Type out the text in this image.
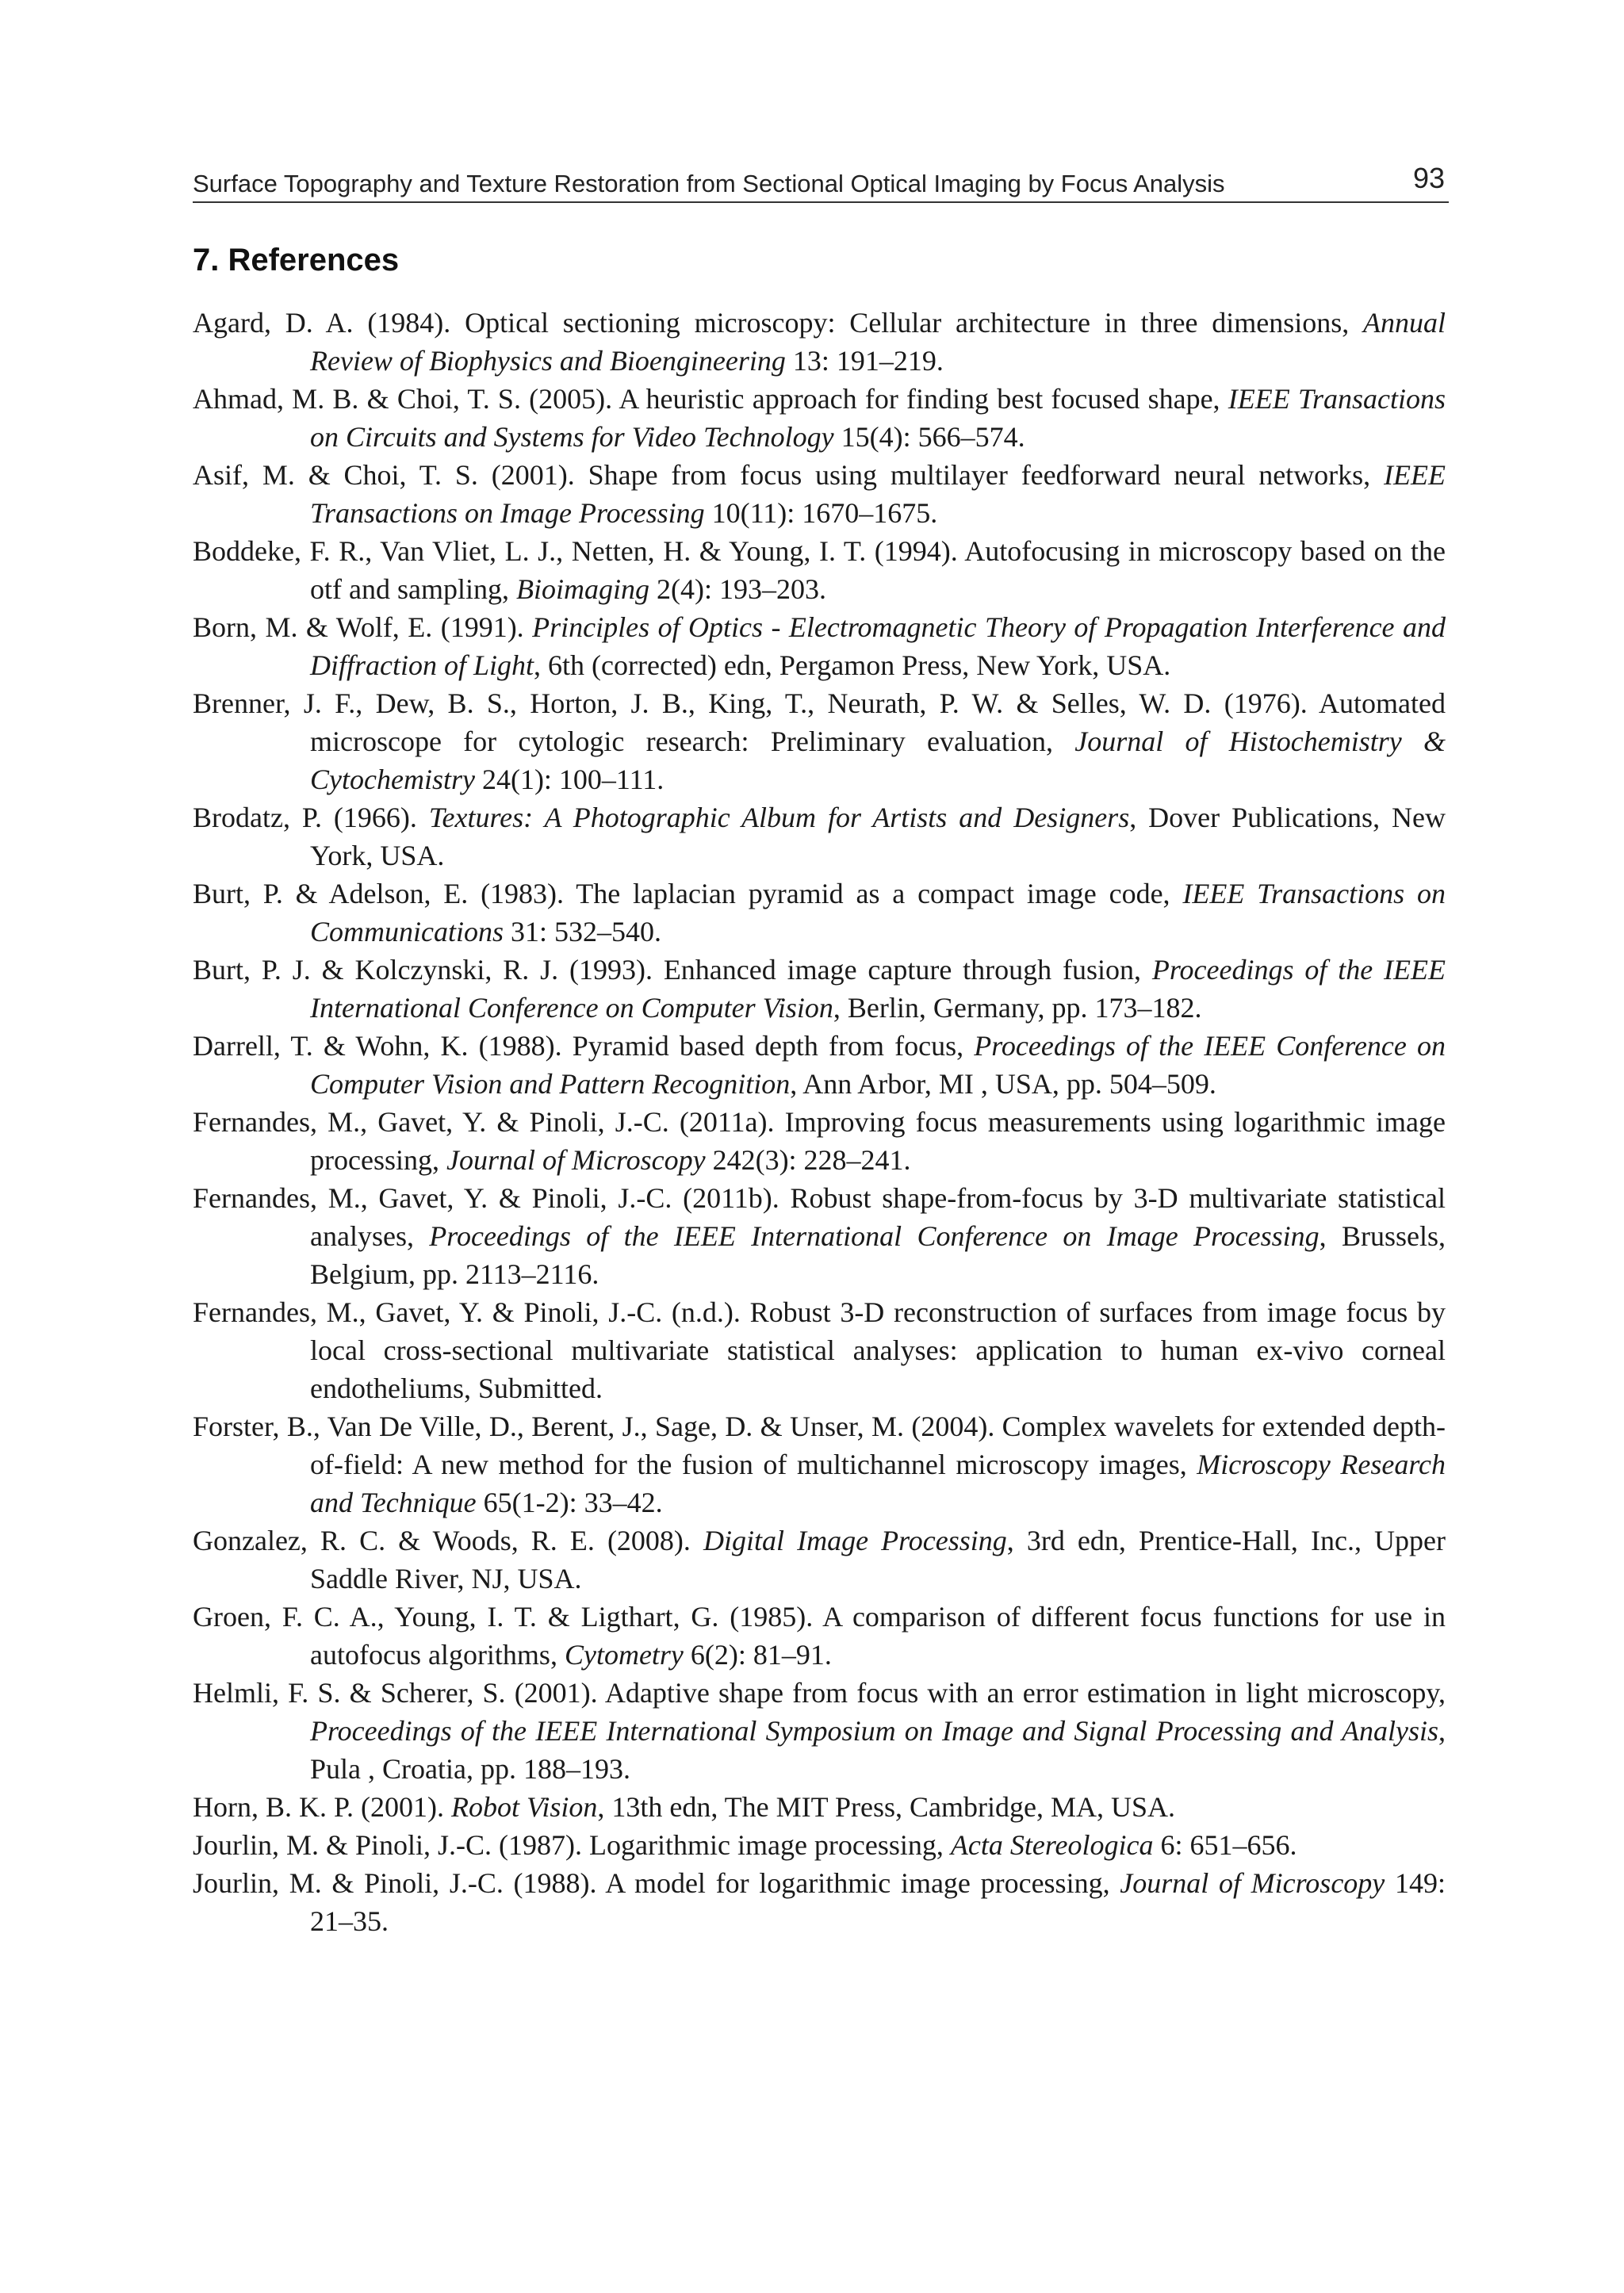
Surface Topography and Texture Restoration from Sectional Optical Imaging by Focus Analysis	93
7. References
Agard, D. A. (1984). Optical sectioning microscopy: Cellular architecture in three dimensions, Annual Review of Biophysics and Bioengineering 13: 191–219.
Ahmad, M. B. & Choi, T. S. (2005). A heuristic approach for finding best focused shape, IEEE Transactions on Circuits and Systems for Video Technology 15(4): 566–574.
Asif, M. & Choi, T. S. (2001). Shape from focus using multilayer feedforward neural networks, IEEE Transactions on Image Processing 10(11): 1670–1675.
Boddeke, F. R., Van Vliet, L. J., Netten, H. & Young, I. T. (1994). Autofocusing in microscopy based on the otf and sampling, Bioimaging 2(4): 193–203.
Born, M. & Wolf, E. (1991). Principles of Optics - Electromagnetic Theory of Propagation Interference and Diffraction of Light, 6th (corrected) edn, Pergamon Press, New York, USA.
Brenner, J. F., Dew, B. S., Horton, J. B., King, T., Neurath, P. W. & Selles, W. D. (1976). Automated microscope for cytologic research: Preliminary evaluation, Journal of Histochemistry & Cytochemistry 24(1): 100–111.
Brodatz, P. (1966). Textures: A Photographic Album for Artists and Designers, Dover Publications, New York, USA.
Burt, P. & Adelson, E. (1983). The laplacian pyramid as a compact image code, IEEE Transactions on Communications 31: 532–540.
Burt, P. J. & Kolczynski, R. J. (1993). Enhanced image capture through fusion, Proceedings of the IEEE International Conference on Computer Vision, Berlin, Germany, pp. 173–182.
Darrell, T. & Wohn, K. (1988). Pyramid based depth from focus, Proceedings of the IEEE Conference on Computer Vision and Pattern Recognition, Ann Arbor, MI , USA, pp. 504–509.
Fernandes, M., Gavet, Y. & Pinoli, J.-C. (2011a). Improving focus measurements using logarithmic image processing, Journal of Microscopy 242(3): 228–241.
Fernandes, M., Gavet, Y. & Pinoli, J.-C. (2011b). Robust shape-from-focus by 3-D multivariate statistical analyses, Proceedings of the IEEE International Conference on Image Processing, Brussels, Belgium, pp. 2113–2116.
Fernandes, M., Gavet, Y. & Pinoli, J.-C. (n.d.). Robust 3-D reconstruction of surfaces from image focus by local cross-sectional multivariate statistical analyses: application to human ex-vivo corneal endotheliums, Submitted.
Forster, B., Van De Ville, D., Berent, J., Sage, D. & Unser, M. (2004). Complex wavelets for extended depth-of-field: A new method for the fusion of multichannel microscopy images, Microscopy Research and Technique 65(1-2): 33–42.
Gonzalez, R. C. & Woods, R. E. (2008). Digital Image Processing, 3rd edn, Prentice-Hall, Inc., Upper Saddle River, NJ, USA.
Groen, F. C. A., Young, I. T. & Ligthart, G. (1985). A comparison of different focus functions for use in autofocus algorithms, Cytometry 6(2): 81–91.
Helmli, F. S. & Scherer, S. (2001). Adaptive shape from focus with an error estimation in light microscopy, Proceedings of the IEEE International Symposium on Image and Signal Processing and Analysis, Pula , Croatia, pp. 188–193.
Horn, B. K. P. (2001). Robot Vision, 13th edn, The MIT Press, Cambridge, MA, USA.
Jourlin, M. & Pinoli, J.-C. (1987). Logarithmic image processing, Acta Stereologica 6: 651–656.
Jourlin, M. & Pinoli, J.-C. (1988). A model for logarithmic image processing, Journal of Microscopy 149: 21–35.
